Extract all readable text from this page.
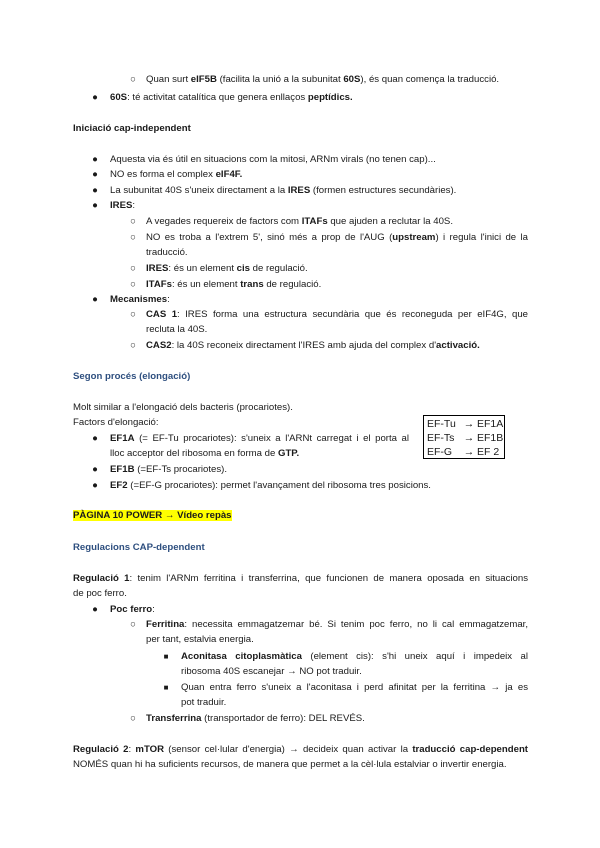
○	Quan surt eIF5B (facilita la unió a la subunitat 60S), és quan comença la traducció.
●	60S: té activitat catalítica que genera enllaços peptídics.
Iniciació cap-independent
●	Aquesta via és útil en situacions com la mitosi, ARNm virals (no tenen cap)...
●	NO es forma el complex eIF4F.
●	La subunitat 40S s'uneix directament a la IRES (formen estructures secundàries).
●	IRES:
○	A vegades requereix de factors com ITAFs que ajuden a reclutar la 40S.
○	NO es troba a l'extrem 5', sinó més a prop de l'AUG (upstream) i regula l'inici de la
traducció.
○	IRES: és un element cis de regulació.
○	ITAFs: és un element trans de regulació.
●	Mecanismes:
○	CAS 1: IRES forma una estructura secundària que és reconeguda per eIF4G, que
recluta la 40S.
○	CAS2: la 40S reconeix directament l'IRES amb ajuda del complex d'activació.
Segon procés (elongació)
Molt similar a l'elongació dels bacteris (procariotes).
Factors d'elongació:
●	EF1A (= EF-Tu procariotes): s'uneix a l'ARNt carregat i el porta al
lloc acceptor del ribosoma en forma de GTP.
●	EF1B (=EF-Ts procariotes).
●	EF2 (=EF-G procariotes): permet l'avançament del ribosoma tres posicions.
EF-Tu → EF1A
EF-Ts → EF1B
EF-G	→ EF 2
PÀGINA 10 POWER → Vídeo repàs
Regulacions CAP-dependent
Regulació 1: tenim l'ARNm ferritina i transferrina, que funcionen de manera oposada en situacions
de poc ferro.
●	Poc ferro:
○	Ferritina: necessita emmagatzemar bé. Si tenim poc ferro, no li cal emmagatzemar,
per tant, estalvia energia.
■	Aconitasa citoplasmàtica (element cis): s'hi uneix aquí i impedeix al
ribosoma 40S escanejar → NO pot traduir.
■	Quan entra ferro s'uneix a l'aconitasa i perd afinitat per la ferritina → ja es
pot traduir.
○	Transferrina (transportador de ferro): DEL REVÉS.
Regulació 2: mTOR (sensor cel·lular d'energia) → decideix quan activar la traducció cap-dependent
NOMÉS quan hi ha suficients recursos, de manera que permet a la cèl·lula estalviar o invertir energia.
